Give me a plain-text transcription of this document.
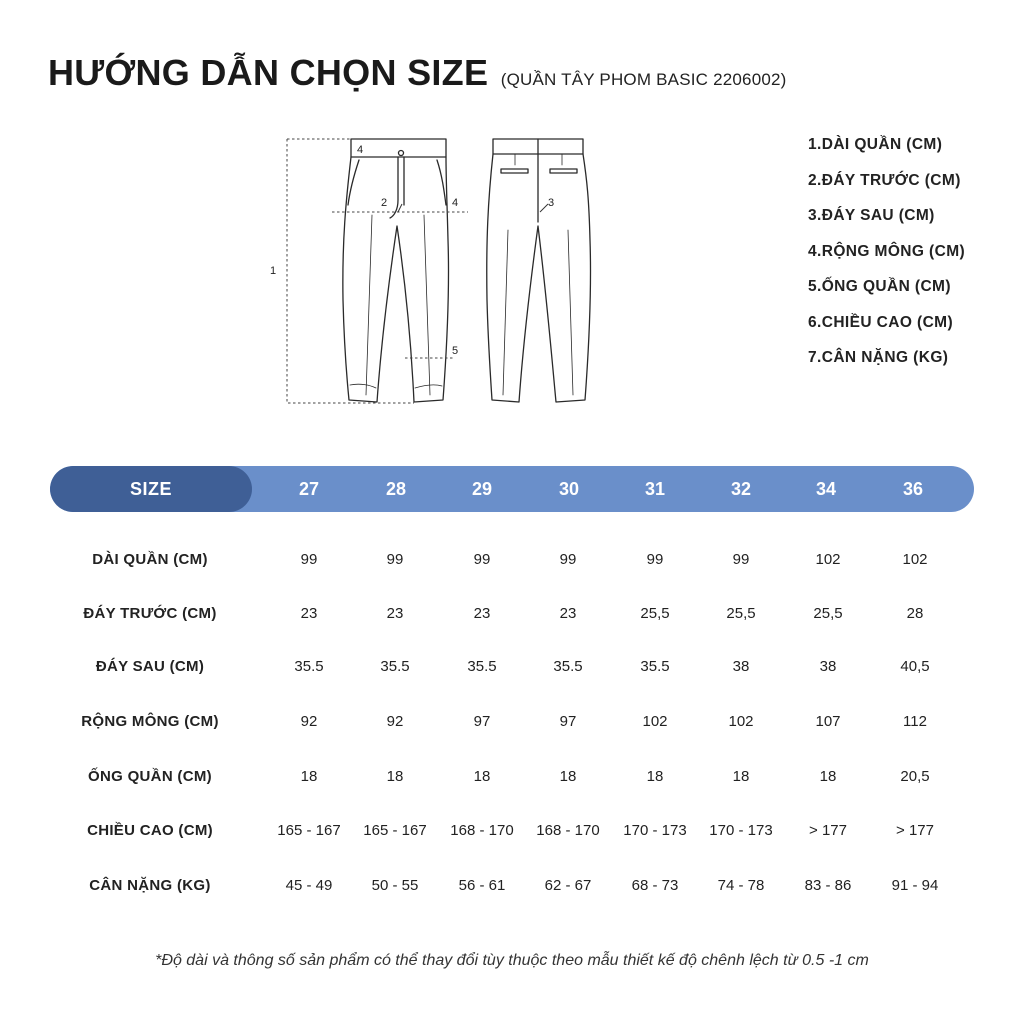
HƯỚNG DẪN CHỌN SIZE (QUẦN TÂY PHOM BASIC 2206002)
1
2	3
4
4
5
1.DÀI QUẦN (CM)
2.ĐÁY TRƯỚC (CM)
3.ĐÁY SAU (CM)
4.RỘNG MÔNG (CM)
5.ỐNG QUẦN (CM)
6.CHIỀU CAO (CM)
7.CÂN NẶNG (KG)
SIZE	27	28	29	30	31	32	34	36
DÀI QUẦN (CM)	99	99	99	99	99	99	102	102
ĐÁY TRƯỚC (CM)	23	23	23	23	25,5	25,5	25,5	28
ĐÁY SAU (CM)	35.5	35.5	35.5	35.5	35.5	38	38	40,5
RỘNG MÔNG (CM)	92	92	97	97	102	102	107	112
ỐNG QUẦN (CM)	18	18	18	18	18	18	18	20,5
CHIỀU CAO (CM)	165 - 167	165 - 167	168 - 170	168 - 170	170 - 173	170 - 173	> 177	> 177
CÂN NẶNG (KG)	45 - 49	50 - 55	56 - 61	62 - 67	68 - 73	74 - 78	83 - 86	91 - 94
*Độ dài và thông số sản phẩm có thể thay đổi tùy thuộc theo mẫu thiết kế độ chênh lệch từ 0.5 -1 cm
